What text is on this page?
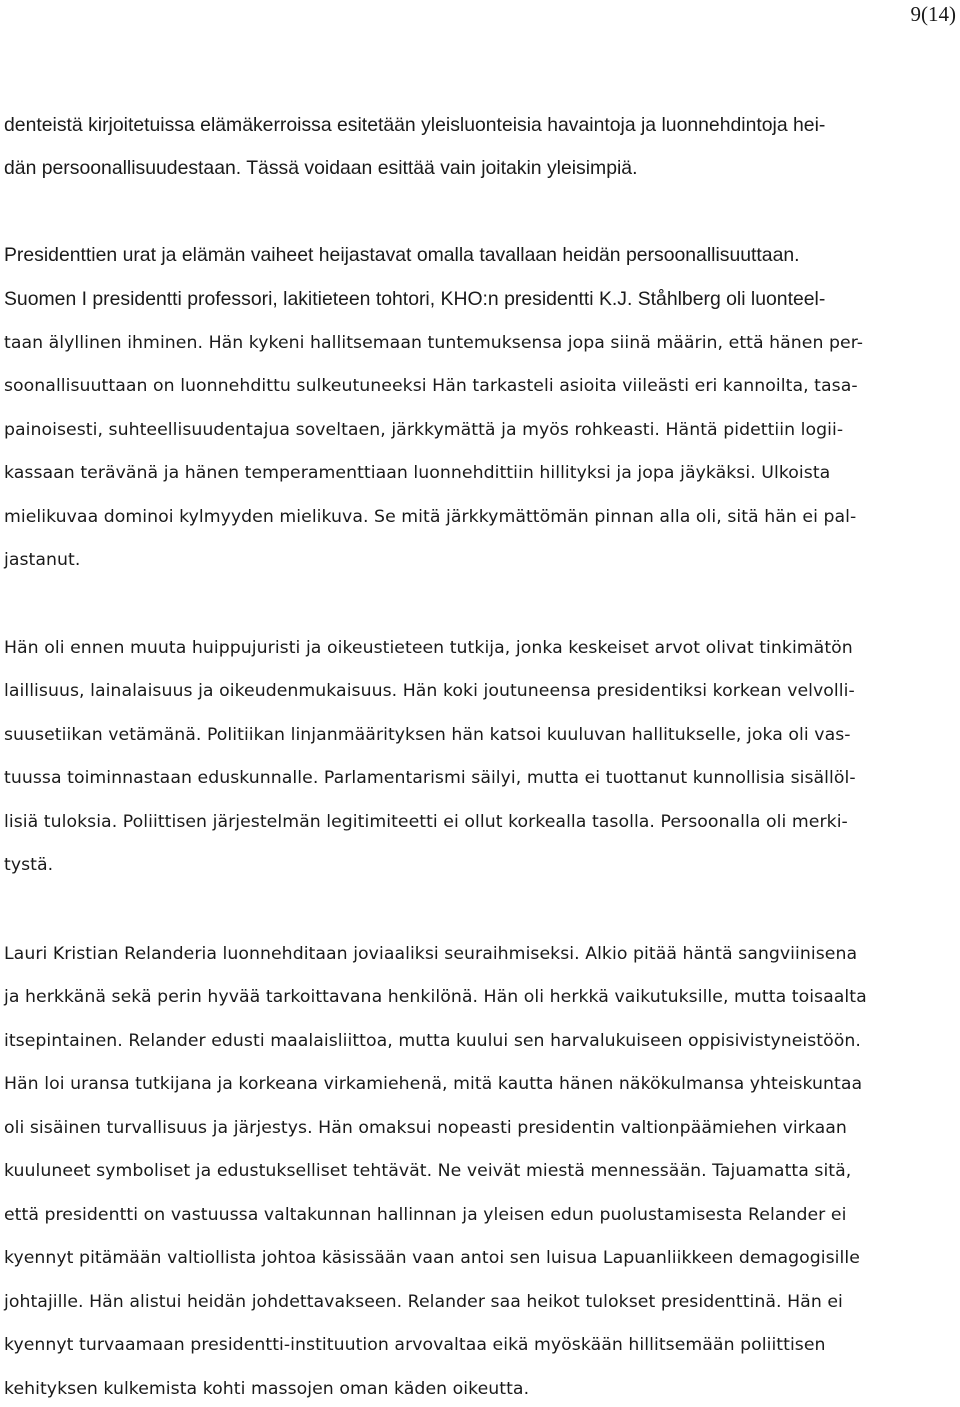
9(14)

denteistä kirjoitetuissa elämäkerroissa esitetään yleisluonteisia havaintoja ja luonnehdintoja hei-

dän persoonallisuudestaan. Tässä voidaan esittää vain joitakin yleisimpiä.

Presidenttien urat ja elämän vaiheet heijastavat omalla tavallaan heidän persoonallisuuttaan.

Suomen I presidentti professori, lakitieteen tohtori, KHO:n presidentti K.J. Ståhlberg oli luonteel-

taan älyllinen ihminen. Hän kykeni hallitsemaan tuntemuksensa jopa siinä määrin, että hänen per-

soonallisuuttaan on luonnehdittu sulkeutuneeksi Hän tarkasteli asioita viileästi eri kannoilta, tasa-

painoisesti, suhteellisuudentajua soveltaen, järkkymättä ja myös rohkeasti. Häntä pidettiin logii-

kassaan terävänä ja hänen temperamenttiaan luonnehdittiin hillityksi ja jopa jäykäksi. Ulkoista

mielikuvaa dominoi kylmyyden mielikuva. Se mitä järkkymättömän pinnan alla oli, sitä hän ei pal-

jastanut.

Hän oli ennen muuta huippujuristi ja oikeustieteen tutkija, jonka keskeiset arvot olivat tinkimätön

laillisuus, lainalaisuus ja oikeudenmukaisuus. Hän koki joutuneensa presidentiksi korkean velvolli-

suusetiikan vetämänä. Politiikan linjanmäärityksen hän katsoi kuuluvan hallitukselle, joka oli vas-

tuussa toiminnastaan eduskunnalle. Parlamentarismi säilyi, mutta ei tuottanut kunnollisia sisällöl-

lisiä tuloksia. Poliittisen järjestelmän legitimiteetti ei ollut korkealla tasolla. Persoonalla oli merki-

tystä.

Lauri Kristian Relanderia luonnehditaan joviaaliksi seuraihmiseksi. Alkio pitää häntä sangviinisena

ja herkkänä sekä perin hyvää tarkoittavana henkilönä. Hän oli herkkä vaikutuksille, mutta toisaalta

itsepintainen. Relander edusti maalaisliittoa, mutta kuului sen harvalukuiseen oppisivistyneistöön.

Hän loi uransa tutkijana ja korkeana virkamiehenä, mitä kautta hänen näkökulmansa yhteiskuntaa

oli sisäinen turvallisuus ja järjestys. Hän omaksui nopeasti presidentin valtionpäämiehen virkaan

kuuluneet symboliset ja edustukselliset tehtävät. Ne veivät miestä mennessään. Tajuamatta sitä,

että presidentti on vastuussa valtakunnan hallinnan ja yleisen edun puolustamisesta Relander ei

kyennyt pitämään valtiollista johtoa käsissään vaan antoi sen luisua Lapuanliikkeen demagogisille

johtajille. Hän alistui heidän johdettavakseen. Relander saa heikot tulokset presidenttinä. Hän ei

kyennyt turvaamaan presidentti-instituution arvovaltaa eikä myöskään hillitsemään poliittisen

kehityksen kulkemista kohti massojen oman käden oikeutta.
